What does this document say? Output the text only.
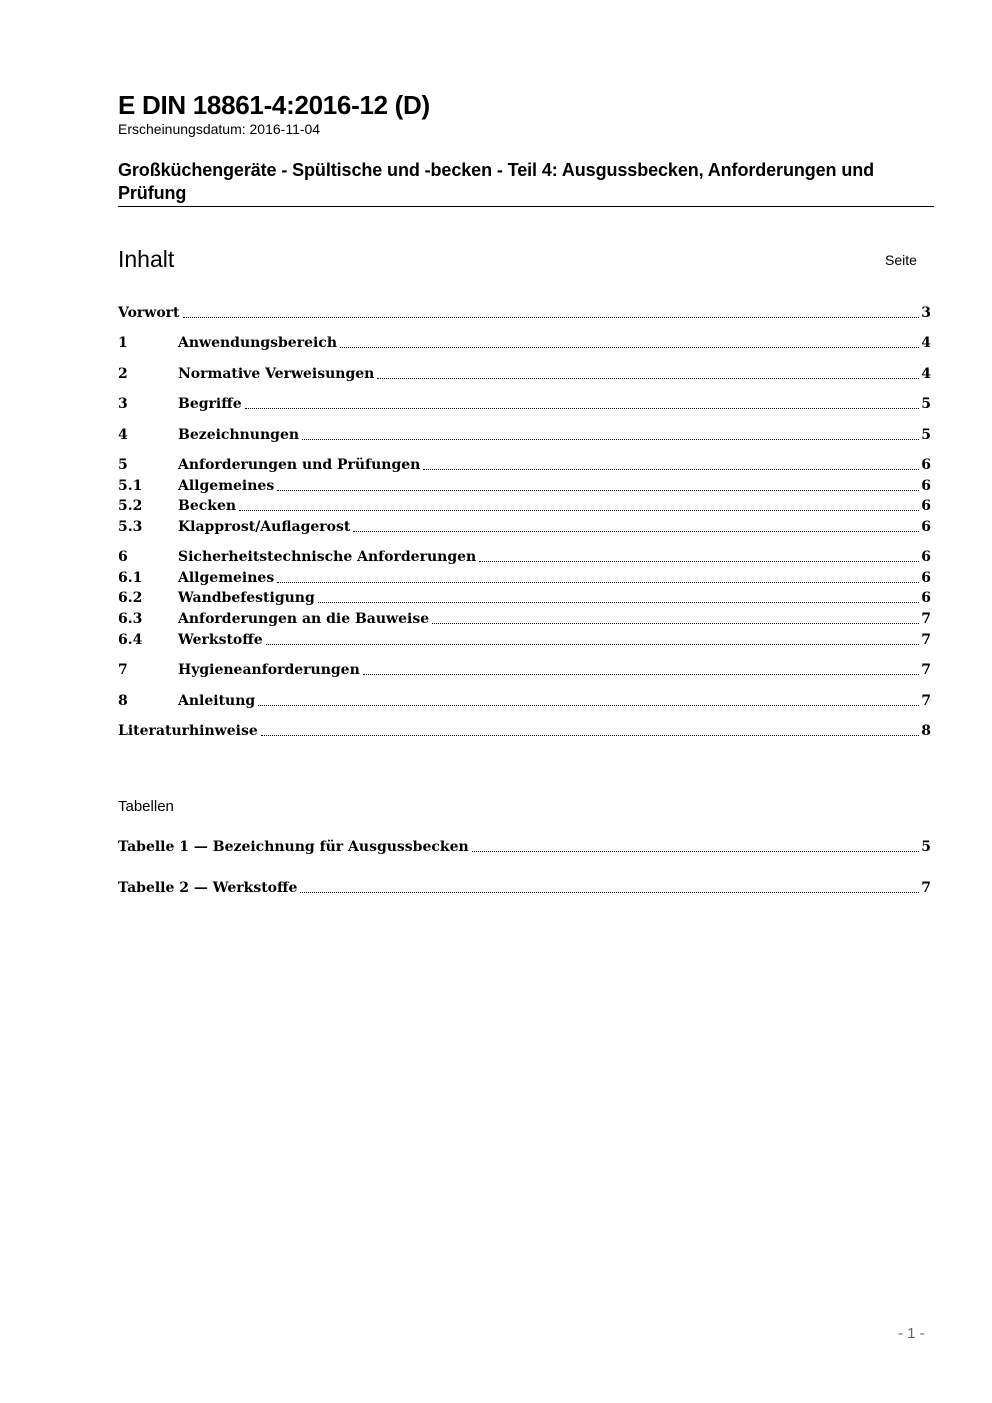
E DIN 18861-4:2016-12 (D)
Erscheinungsdatum: 2016-11-04
Großküchengeräte - Spültische und -becken - Teil 4: Ausgussbecken, Anforderungen und Prüfung
Inhalt	Seite
Vorwort	3
1	Anwendungsbereich	4
2	Normative Verweisungen	4
3	Begriffe	5
4	Bezeichnungen	5
5	Anforderungen und Prüfungen	6
5.1	Allgemeines	6
5.2	Becken	6
5.3	Klapprost/Auflagerost	6
6	Sicherheitstechnische Anforderungen	6
6.1	Allgemeines	6
6.2	Wandbefestigung	6
6.3	Anforderungen an die Bauweise	7
6.4	Werkstoffe	7
7	Hygieneanforderungen	7
8	Anleitung	7
Literaturhinweise	8
Tabelle 1 — Bezeichnung für Ausgussbecken	5
Tabelle 2 — Werkstoffe	7
Tabellen
- 1 -
